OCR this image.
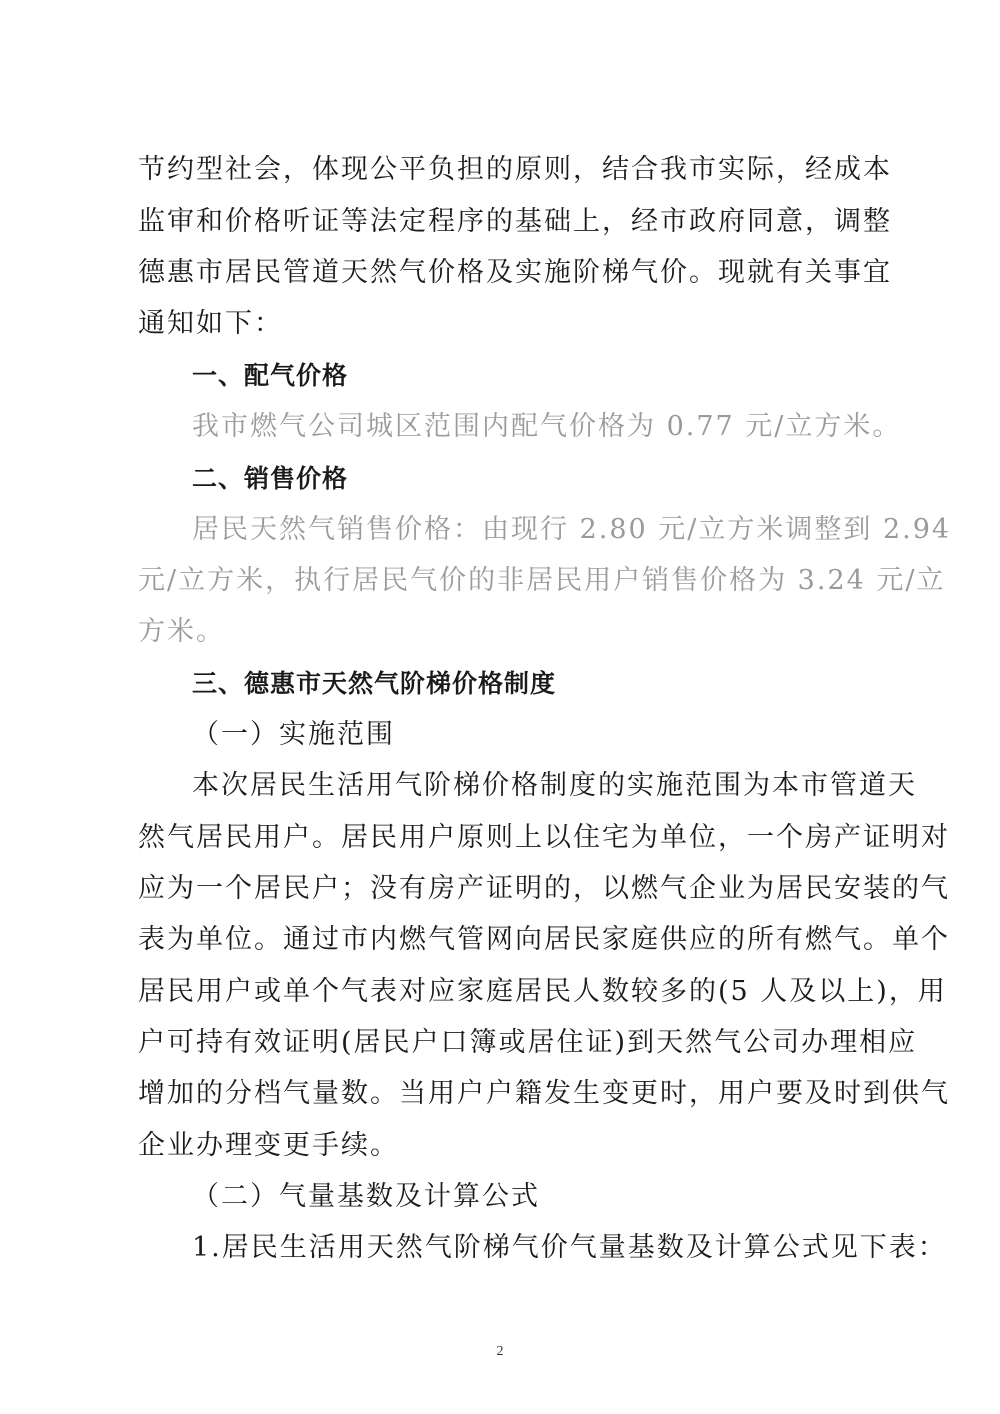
节约型社会，体现公平负担的原则，结合我市实际，经成本
监审和价格听证等法定程序的基础上，经市政府同意，调整
德惠市居民管道天然气价格及实施阶梯气价。现就有关事宜
通知如下：
一、配气价格
我市燃气公司城区范围内配气价格为 0.77 元/立方米。
二、销售价格
居民天然气销售价格：由现行 2.80 元/立方米调整到 2.94
元/立方米，执行居民气价的非居民用户销售价格为 3.24 元/立
方米。
三、德惠市天然气阶梯价格制度
（一）实施范围
本次居民生活用气阶梯价格制度的实施范围为本市管道天
然气居民用户。居民用户原则上以住宅为单位，一个房产证明对
应为一个居民户；没有房产证明的，以燃气企业为居民安装的气
表为单位。通过市内燃气管网向居民家庭供应的所有燃气。单个
居民用户或单个气表对应家庭居民人数较多的(5 人及以上)，用
户可持有效证明(居民户口簿或居住证)到天然气公司办理相应
增加的分档气量数。当用户户籍发生变更时，用户要及时到供气
企业办理变更手续。
（二）气量基数及计算公式
1.居民生活用天然气阶梯气价气量基数及计算公式见下表：
2
